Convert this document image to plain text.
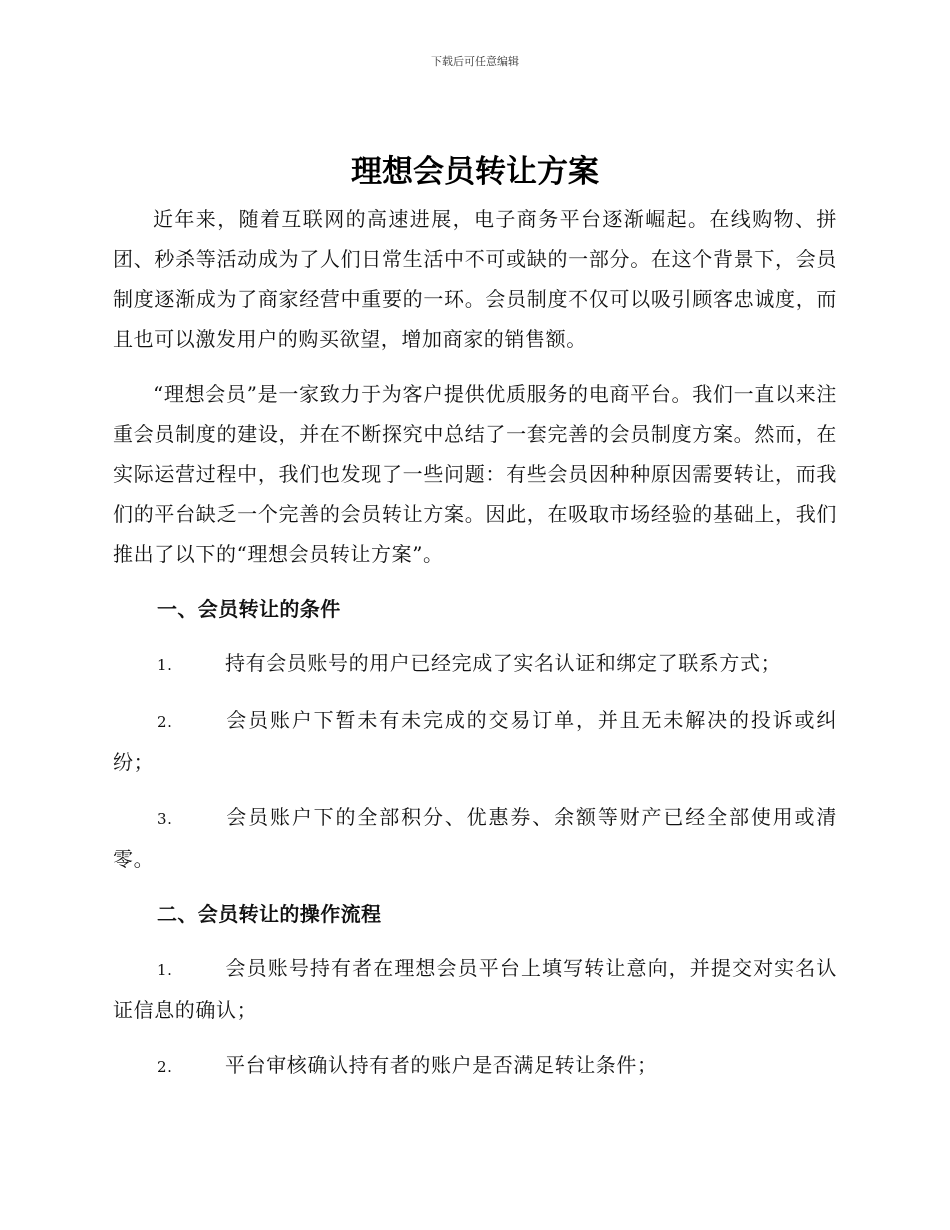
下载后可任意编辑
理想会员转让方案

近年来，随着互联网的高速进展，电子商务平台逐渐崛起。在线购物、拼团、秒杀等活动成为了人们日常生活中不可或缺的一部分。在这个背景下，会员制度逐渐成为了商家经营中重要的一环。会员制度不仅可以吸引顾客忠诚度，而且也可以激发用户的购买欲望，增加商家的销售额。

“理想会员”是一家致力于为客户提供优质服务的电商平台。我们一直以来注重会员制度的建设，并在不断探究中总结了一套完善的会员制度方案。然而，在实际运营过程中，我们也发现了一些问题：有些会员因种种原因需要转让，而我们的平台缺乏一个完善的会员转让方案。因此，在吸取市场经验的基础上，我们推出了以下的“理想会员转让方案”。

一、会员转让的条件
1.	持有会员账号的用户已经完成了实名认证和绑定了联系方式；
2.	会员账户下暂未有未完成的交易订单，并且无未解决的投诉或纠纷；
3.	会员账户下的全部积分、优惠券、余额等财产已经全部使用或清零。
二、会员转让的操作流程
1.	会员账号持有者在理想会员平台上填写转让意向，并提交对实名认证信息的确认；
2.	平台审核确认持有者的账户是否满足转让条件；
